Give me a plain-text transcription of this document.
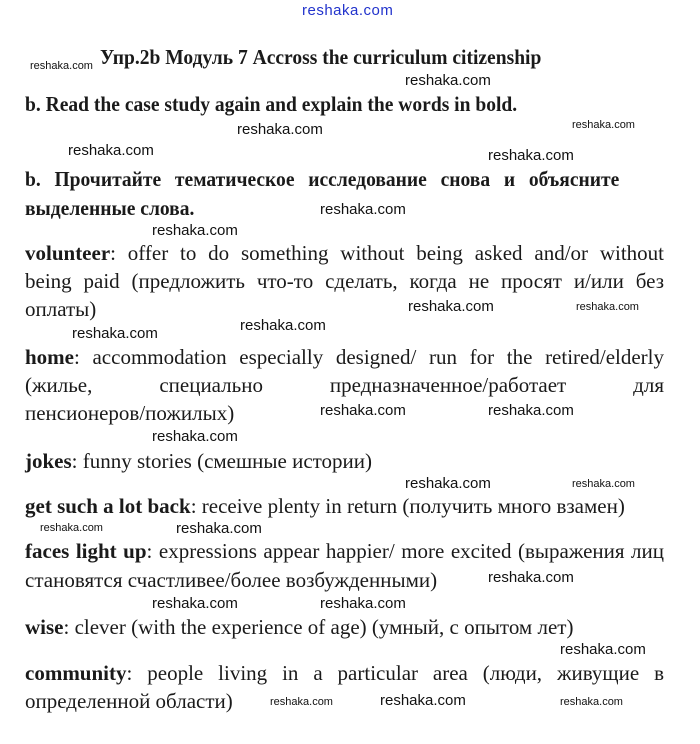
reshaka.com
Упр.2b Модуль 7 Accross the curriculum citizenship
b. Read the case study again and explain the words in bold.
b. Прочитайте тематическое исследование снова и объясните
выделенные слова.
volunteer: offer to do something without being asked and/or without
being paid (предложить что-то сделать, когда не просят и/или без
оплаты)
home: accommodation especially designed/ run for the retired/elderly
(жилье, специально предназначенное/работает для
пенсионеров/пожилых)
jokes: funny stories (смешные истории)
get such a lot back: receive plenty in return (получить много взамен)
faces light up: expressions appear happier/ more excited (выражения лиц
становятся счастливее/более возбужденными)
wise: clever (with the experience of age) (умный, с опытом лет)
community: people living in a particular area (люди, живущие в
определенной области)
reshaka.com
reshaka.com
reshaka.com
reshaka.com
reshaka.com	reshaka.com
reshaka.com
reshaka.com
reshaka.com	reshaka.com
reshaka.com
reshaka.com
reshaka.com	reshaka.com
reshaka.com
reshaka.com	reshaka.com
reshaka.com	reshaka.com
reshaka.com
reshaka.com	reshaka.com
reshaka.com
reshaka.com	reshaka.com
reshaka.com
